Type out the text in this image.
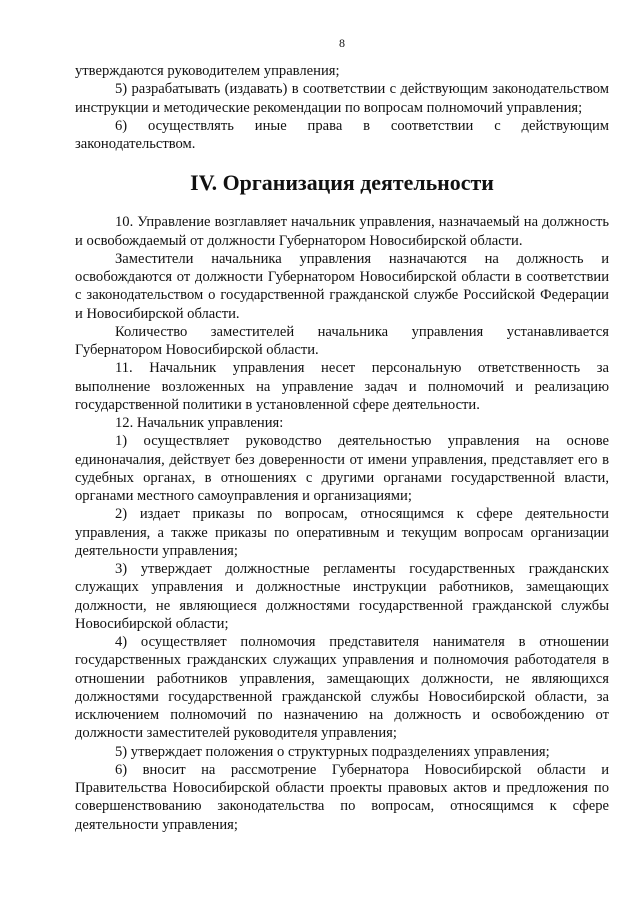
8

утверждаются руководителем управления;

5) разрабатывать (издавать) в соответствии с действующим законодательством инструкции и методические рекомендации по вопросам полномочий управления;

6) осуществлять иные права в соответствии с действующим законодательством.

IV. Организация деятельности

10. Управление возглавляет начальник управления, назначаемый на должность и освобождаемый от должности Губернатором Новосибирской области.

Заместители начальника управления назначаются на должность и освобождаются от должности Губернатором Новосибирской области в соответствии с законодательством о государственной гражданской службе Российской Федерации и Новосибирской области.

Количество заместителей начальника управления устанавливается Губернатором Новосибирской области.

11. Начальник управления несет персональную ответственность за выполнение возложенных на управление задач и полномочий и реализацию государственной политики в установленной сфере деятельности.

12. Начальник управления:

1) осуществляет руководство деятельностью управления на основе единоначалия, действует без доверенности от имени управления, представляет его в судебных органах, в отношениях с другими органами государственной власти, органами местного самоуправления и организациями;

2) издает приказы по вопросам, относящимся к сфере деятельности управления, а также приказы по оперативным и текущим вопросам организации деятельности управления;

3) утверждает должностные регламенты государственных гражданских служащих управления и должностные инструкции работников, замещающих должности, не являющиеся должностями государственной гражданской службы Новосибирской области;

4) осуществляет полномочия представителя нанимателя в отношении государственных гражданских служащих управления и полномочия работодателя в отношении работников управления, замещающих должности, не являющихся должностями государственной гражданской службы Новосибирской области, за исключением полномочий по назначению на должность и освобождению от должности заместителей руководителя управления;

5) утверждает положения о структурных подразделениях управления;

6) вносит на рассмотрение Губернатора Новосибирской области и Правительства Новосибирской области проекты правовых актов и предложения по совершенствованию законодательства по вопросам, относящимся к сфере деятельности управления;
